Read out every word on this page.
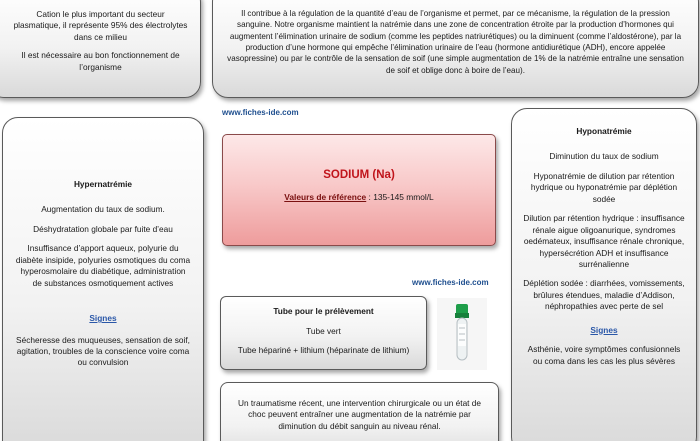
Cation le plus important du secteur plasmatique, il représente 95% des électrolytes dans ce milieu

Il est nécessaire au bon fonctionnement de l’organisme

Il contribue à la régulation de la quantité d’eau de l’organisme et permet, par ce mécanisme, la régulation de la pression sanguine. Notre organisme maintient la natrémie dans une zone de concentration étroite par la production d’hormones qui augmentent l’élimination urinaire de sodium (comme les peptides natriurétiques) ou la diminuent (comme l’aldostérone), par la production d’une hormone qui empêche l’élimination urinaire de l’eau (hormone antidiurétique (ADH), encore appelée vasopressine) ou par le contrôle de la sensation de soif (une simple augmentation de 1% de la natrémie entraîne une sensation de soif et oblige donc à boire de l’eau).

www.fiches-ide.com

Hypernatrémie

Augmentation du taux de sodium.

Déshydratation globale par fuite d’eau

Insuffisance d’apport aqueux, polyurie du diabète insipide, polyuries osmotiques du coma hyperosmolaire du diabétique, administration de substances osmotiquement actives

Signes

Sécheresse des muqueuses, sensation de soif, agitation, troubles de la conscience voire coma ou convulsion

SODIUM (Na)

Valeurs de référence : 135-145 mmol/L

Hyponatrémie

Diminution du taux de sodium

Hyponatrémie de dilution par rétention hydrique ou hyponatrémie par déplétion sodée

Dilution par rétention hydrique : insuffisance rénale aigue oligoanurique, syndromes oedémateux, insuffisance rénale chronique, hypersécrétion ADH et insuffisance surrénalienne

Déplétion sodée : diarrhées, vomissements, brûlures étendues, maladie d’Addison, néphropathies avec perte de sel

Signes

Asthénie, voire symptômes confusionnels ou coma dans les cas les plus sévères

www.fiches-ide.com

Tube pour le prélèvement

Tube vert

Tube hépariné + lithium (héparinate de lithium)

Un traumatisme récent, une intervention chirurgicale ou un état de choc peuvent entraîner une augmentation de la natrémie par diminution du débit sanguin au niveau rénal.
